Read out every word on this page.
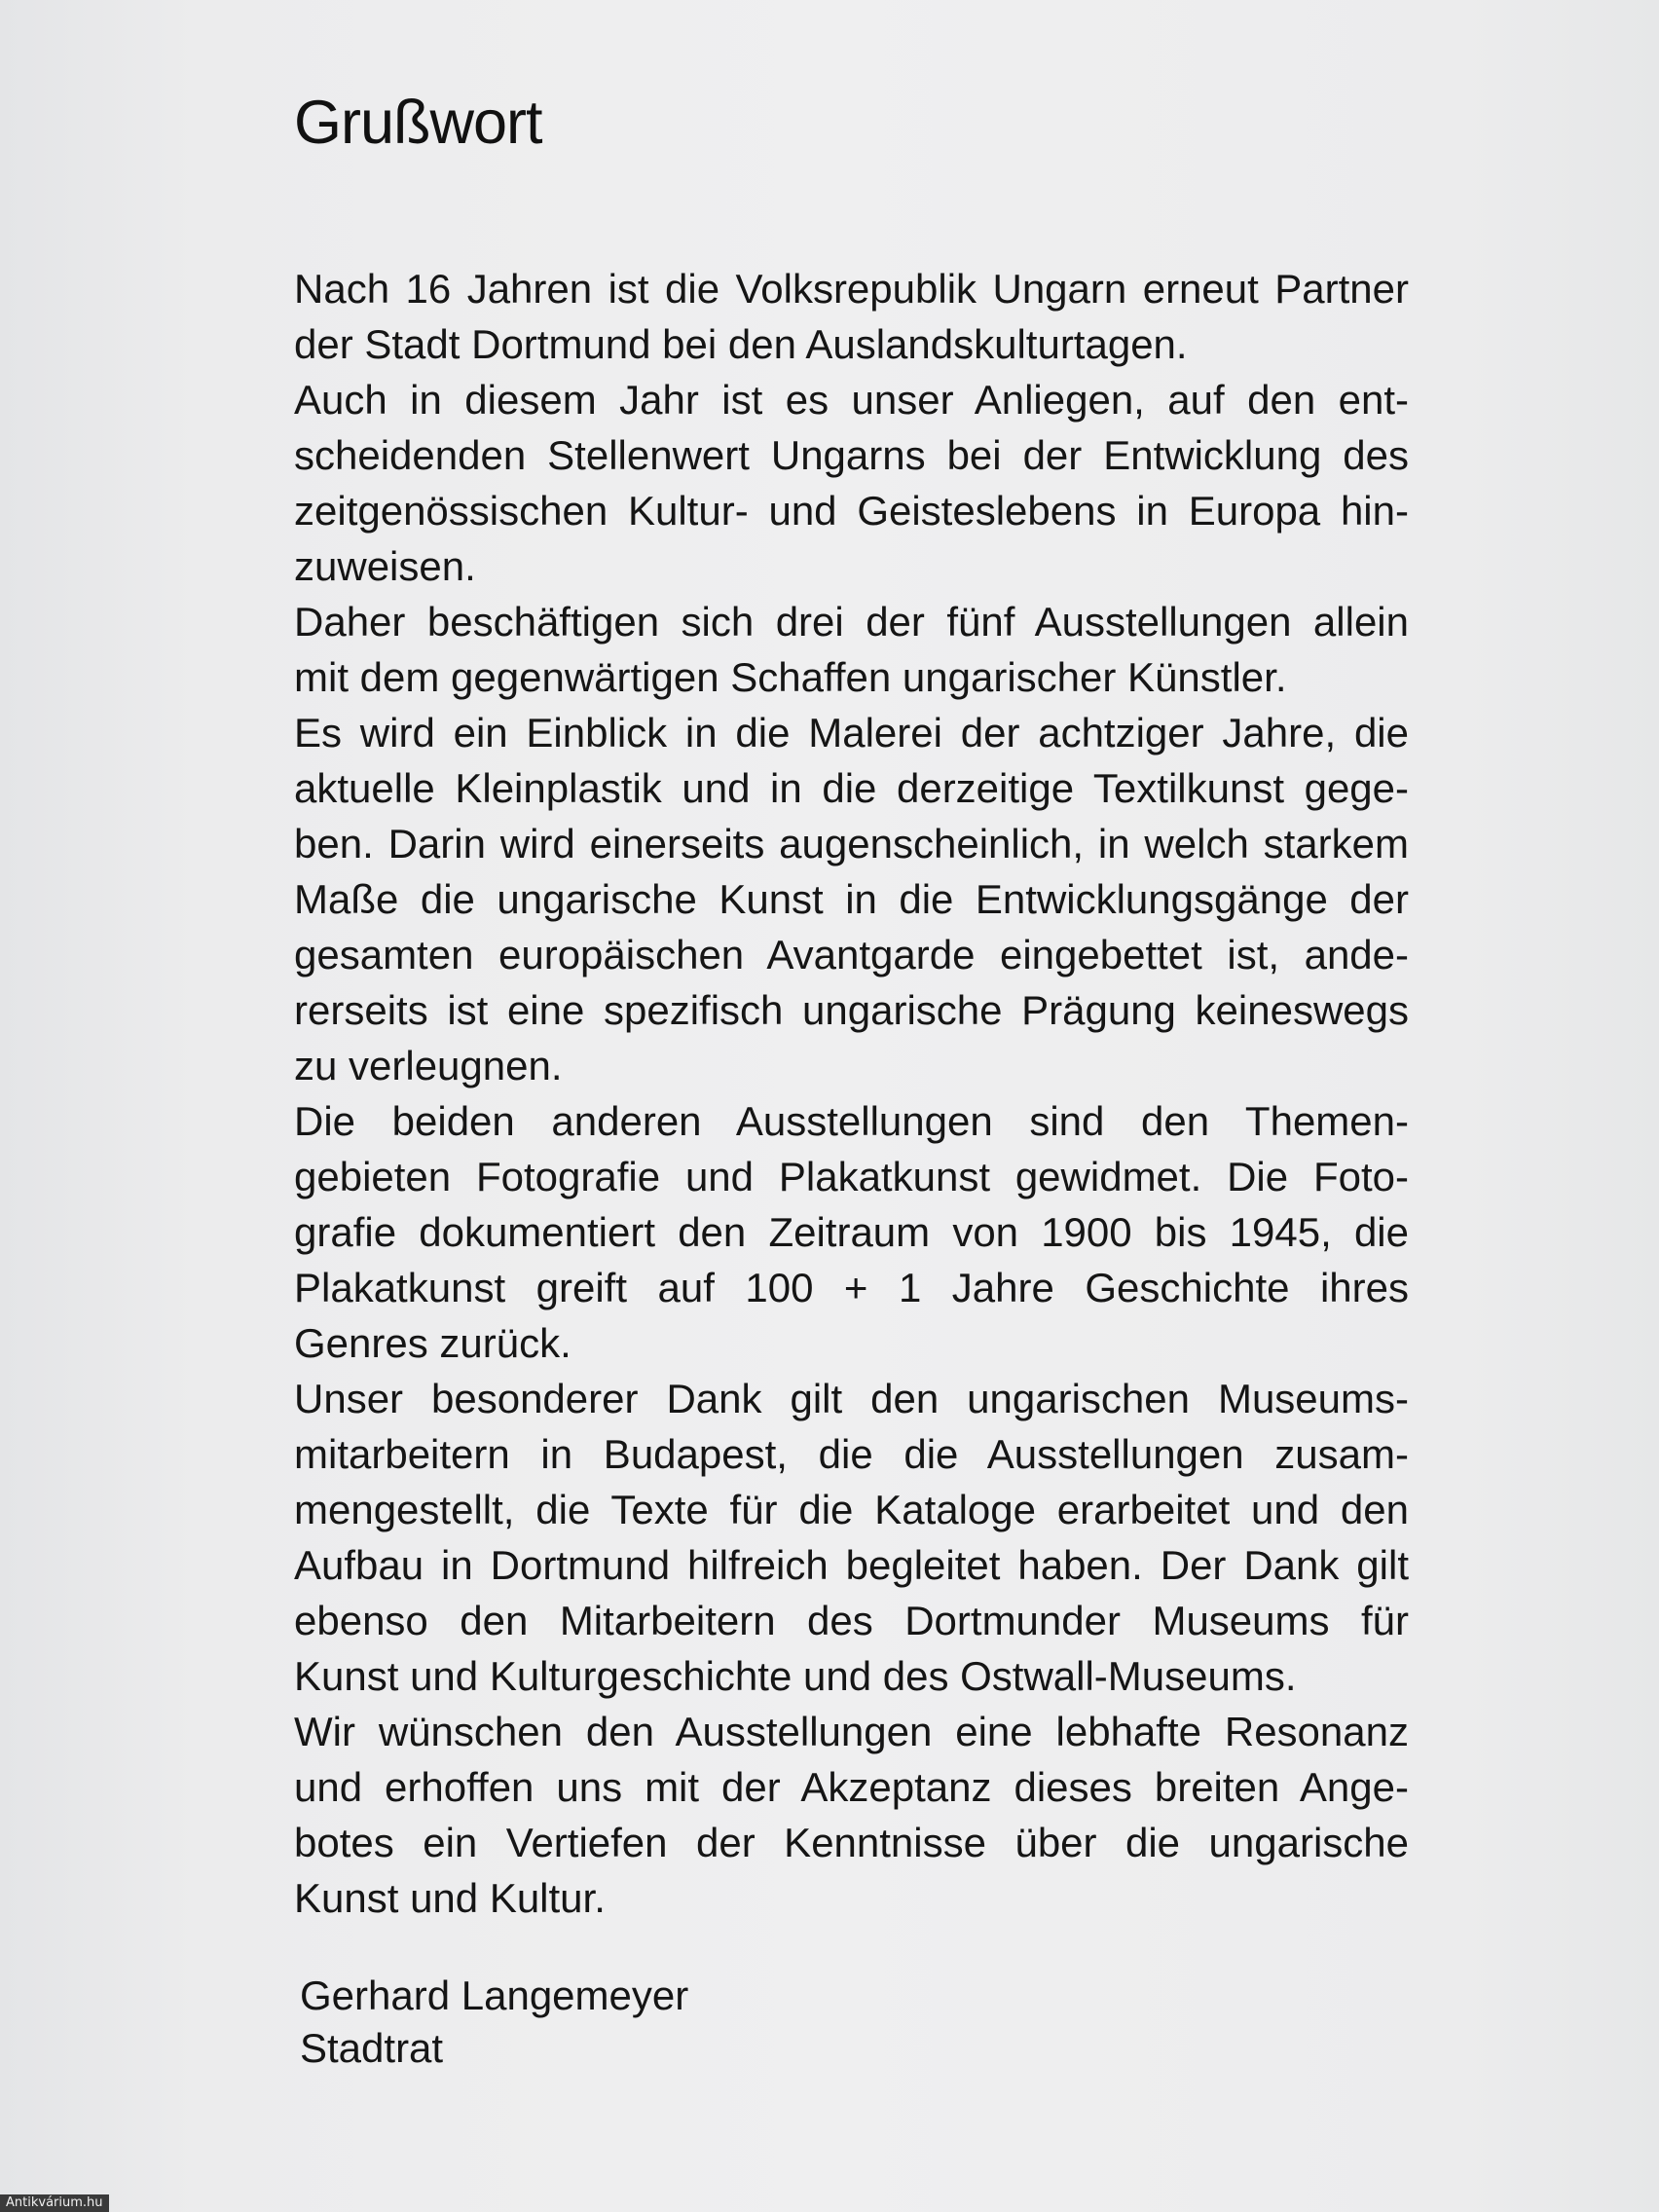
Grußwort
Nach 16 Jahren ist die Volksrepublik Ungarn erneut Partner
der Stadt Dortmund bei den Auslandskulturtagen.
Auch in diesem Jahr ist es unser Anliegen, auf den ent-
scheidenden Stellenwert Ungarns bei der Entwicklung des
zeitgenössischen Kultur- und Geisteslebens in Europa hin-
zuweisen.
Daher beschäftigen sich drei der fünf Ausstellungen allein
mit dem gegenwärtigen Schaffen ungarischer Künstler.
Es wird ein Einblick in die Malerei der achtziger Jahre, die
aktuelle Kleinplastik und in die derzeitige Textilkunst gege-
ben. Darin wird einerseits augenscheinlich, in welch starkem
Maße die ungarische Kunst in die Entwicklungsgänge der
gesamten europäischen Avantgarde eingebettet ist, ande-
rerseits ist eine spezifisch ungarische Prägung keineswegs
zu verleugnen.
Die beiden anderen Ausstellungen sind den Themen-
gebieten Fotografie und Plakatkunst gewidmet. Die Foto-
grafie dokumentiert den Zeitraum von 1900 bis 1945, die
Plakatkunst greift auf 100 + 1 Jahre Geschichte ihres
Genres zurück.
Unser besonderer Dank gilt den ungarischen Museums-
mitarbeitern in Budapest, die die Ausstellungen zusam-
mengestellt, die Texte für die Kataloge erarbeitet und den
Aufbau in Dortmund hilfreich begleitet haben. Der Dank gilt
ebenso den Mitarbeitern des Dortmunder Museums für
Kunst und Kulturgeschichte und des Ostwall-Museums.
Wir wünschen den Ausstellungen eine lebhafte Resonanz
und erhoffen uns mit der Akzeptanz dieses breiten Ange-
botes ein Vertiefen der Kenntnisse über die ungarische
Kunst und Kultur.
Gerhard Langemeyer
Stadtrat
Antikvárium.hu
